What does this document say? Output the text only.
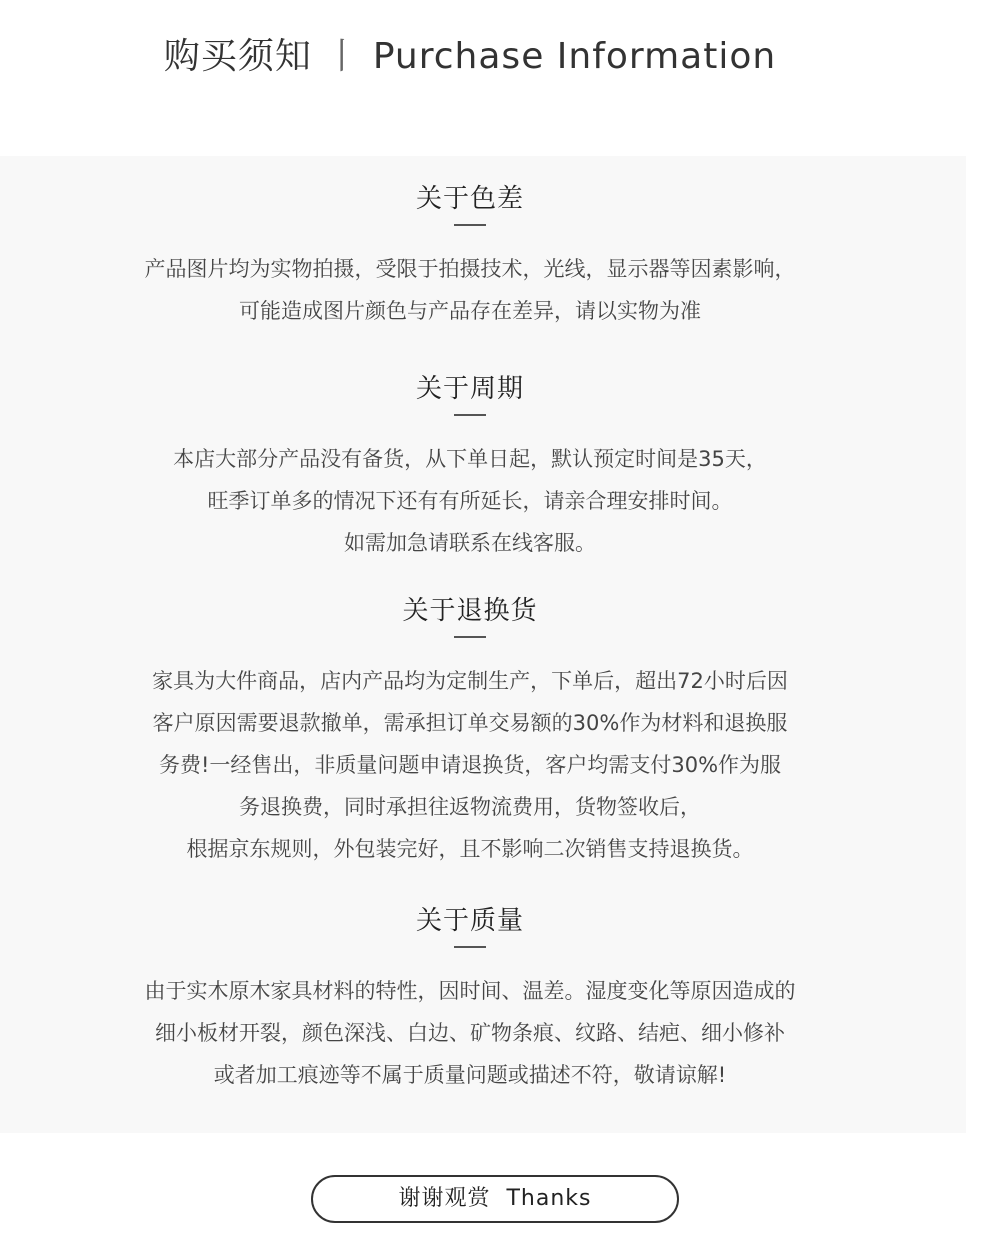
购买须知 丨 Purchase Information
关于色差
产品图片均为实物拍摄，受限于拍摄技术，光线，显示器等因素影响，
可能造成图片颜色与产品存在差异，请以实物为准
关于周期
本店大部分产品没有备货，从下单日起，默认预定时间是35天，
旺季订单多的情况下还有有所延长，请亲合理安排时间。
如需加急请联系在线客服。
关于退换货
家具为大件商品，店内产品均为定制生产，下单后，超出72小时后因
客户原因需要退款撤单，需承担订单交易额的30%作为材料和退换服
务费!一经售出，非质量问题申请退换货，客户均需支付30%作为服
务退换费，同时承担往返物流费用，货物签收后，
根据京东规则，外包装完好，且不影响二次销售支持退换货。
关于质量
由于实木原木家具材料的特性，因时间、温差。湿度变化等原因造成的
细小板材开裂，颜色深浅、白边、矿物条痕、纹路、结疤、细小修补
或者加工痕迹等不属于质量问题或描述不符，敬请谅解!
谢谢观赏  Thanks
